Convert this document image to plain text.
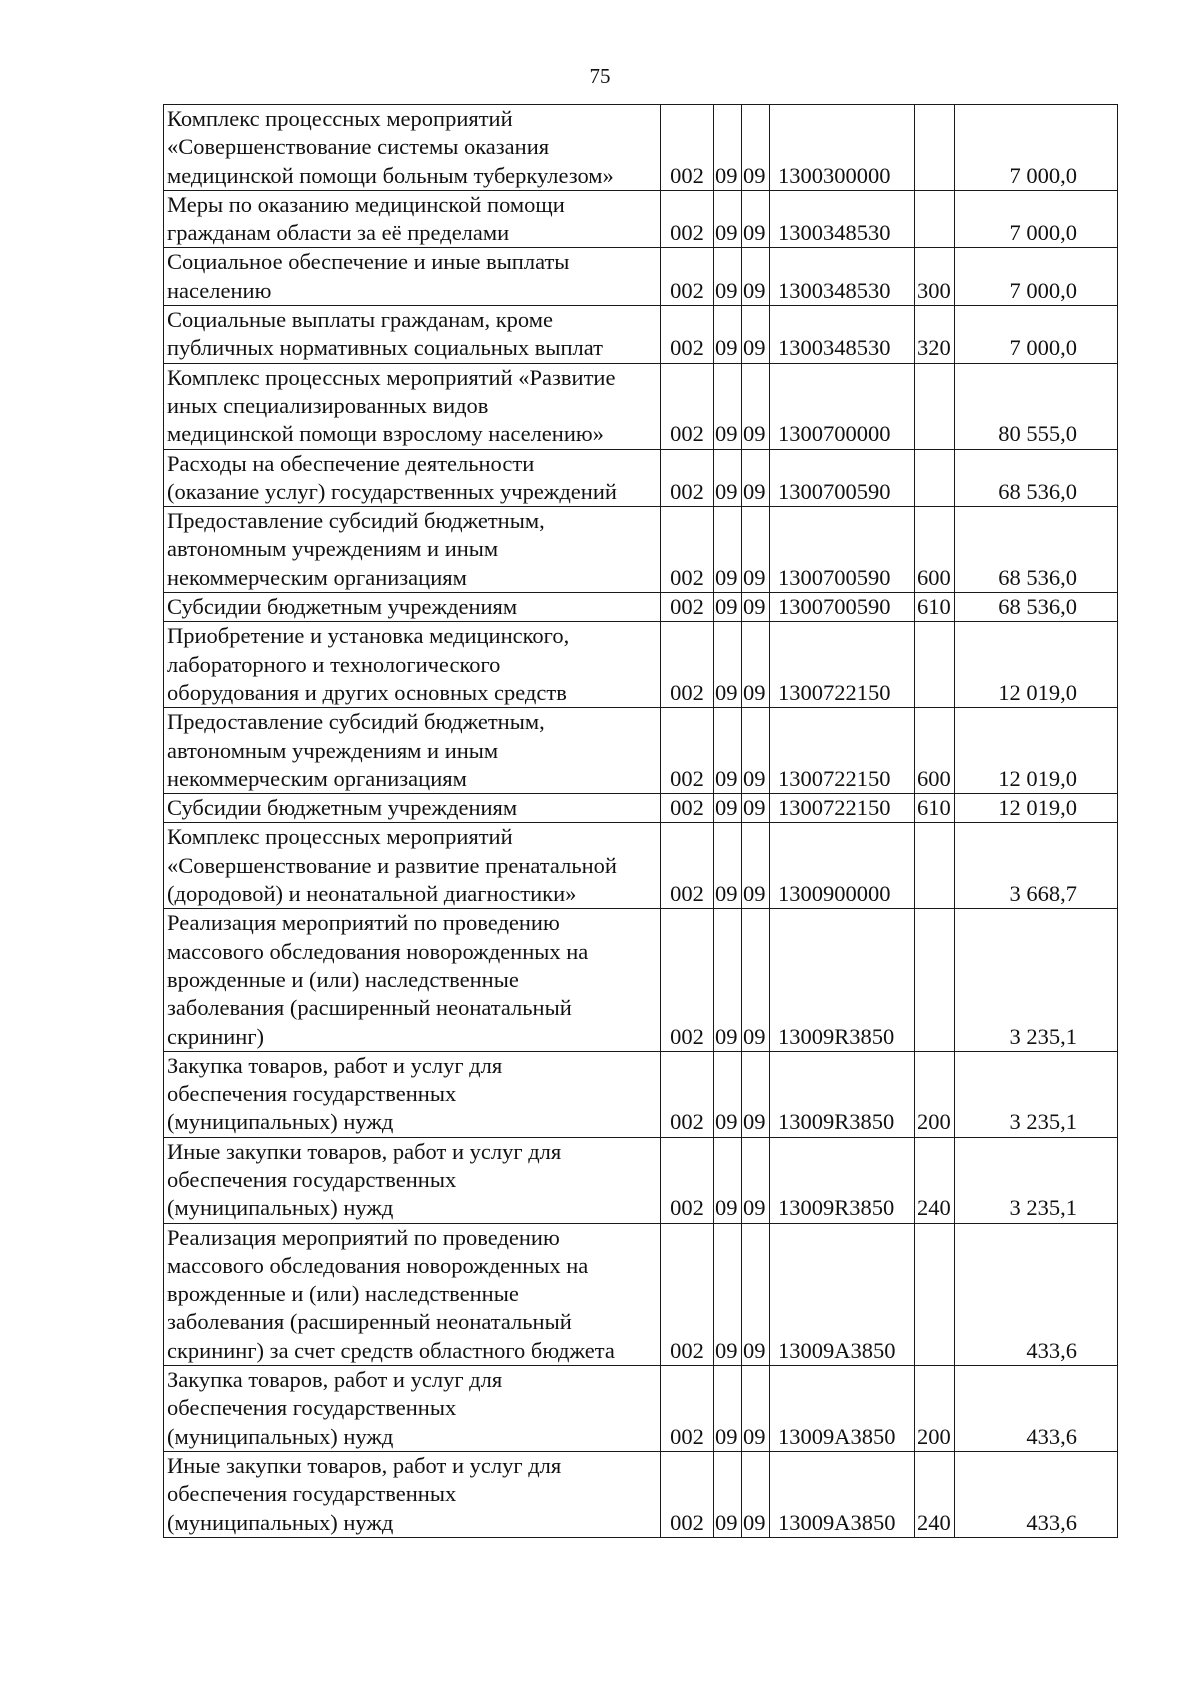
75
Комплекс процессных мероприятий
«Совершенствование системы оказания
медицинской помощи больным туберкулезом»	002	09	09	1300300000		7 000,0
Меры по оказанию медицинской помощи
гражданам области за её пределами	002	09	09	1300348530		7 000,0
Социальное обеспечение и иные выплаты
населению	002	09	09	1300348530	300	7 000,0
Социальные выплаты гражданам, кроме
публичных нормативных социальных выплат	002	09	09	1300348530	320	7 000,0
Комплекс процессных мероприятий «Развитие
иных специализированных видов
медицинской помощи взрослому населению»	002	09	09	1300700000		80 555,0
Расходы на обеспечение деятельности
(оказание услуг) государственных учреждений	002	09	09	1300700590		68 536,0
Предоставление субсидий бюджетным,
автономным учреждениям и иным
некоммерческим организациям	002	09	09	1300700590	600	68 536,0
Субсидии бюджетным учреждениям	002	09	09	1300700590	610	68 536,0
Приобретение и установка медицинского,
лабораторного и технологического
оборудования и других основных средств	002	09	09	1300722150		12 019,0
Предоставление субсидий бюджетным,
автономным учреждениям и иным
некоммерческим организациям	002	09	09	1300722150	600	12 019,0
Субсидии бюджетным учреждениям	002	09	09	1300722150	610	12 019,0
Комплекс процессных мероприятий
«Совершенствование и развитие пренатальной
(дородовой) и неонатальной диагностики»	002	09	09	1300900000		3 668,7
Реализация мероприятий по проведению
массового обследования новорожденных на
врожденные и (или) наследственные
заболевания (расширенный неонатальный
скрининг)	002	09	09	13009R3850		3 235,1
Закупка товаров, работ и услуг для
обеспечения государственных
(муниципальных) нужд	002	09	09	13009R3850	200	3 235,1
Иные закупки товаров, работ и услуг для
обеспечения государственных
(муниципальных) нужд	002	09	09	13009R3850	240	3 235,1
Реализация мероприятий по проведению
массового обследования новорожденных на
врожденные и (или) наследственные
заболевания (расширенный неонатальный
скрининг) за счет средств областного бюджета	002	09	09	13009A3850		433,6
Закупка товаров, работ и услуг для
обеспечения государственных
(муниципальных) нужд	002	09	09	13009A3850	200	433,6
Иные закупки товаров, работ и услуг для
обеспечения государственных
(муниципальных) нужд	002	09	09	13009A3850	240	433,6
